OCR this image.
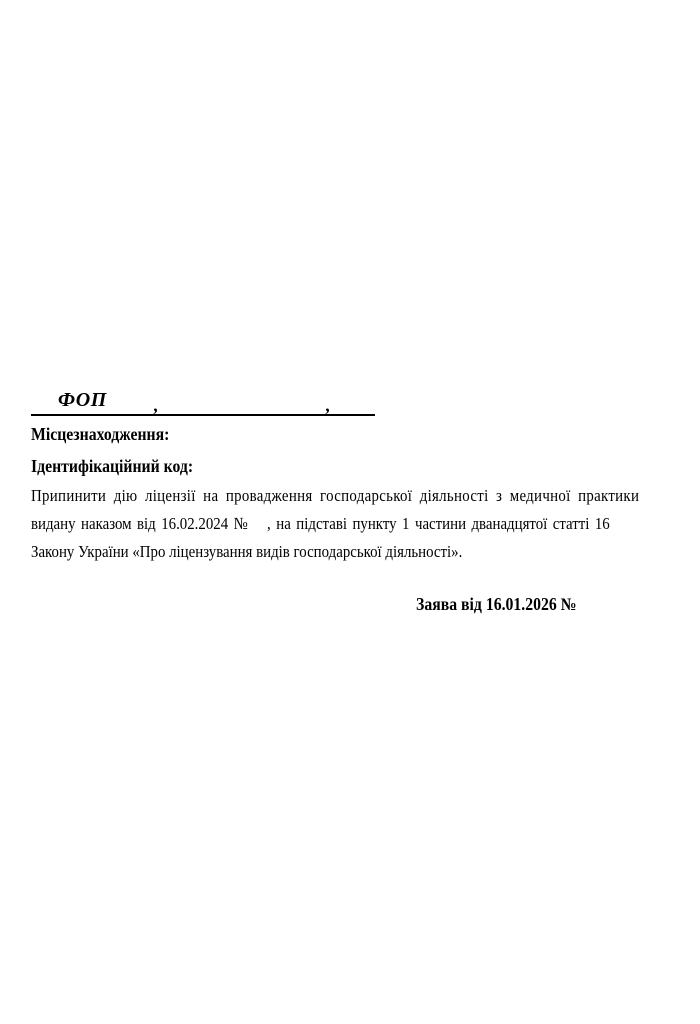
ФОП	,	,
Місцезнаходження:
Ідентифікаційний код:
Припинити дію ліцензії на провадження господарської діяльності з медичної практики
видану наказом від 16.02.2024 № , на підставі пункту 1 частини дванадцятої статті 16
Закону України «Про ліцензування видів господарської діяльності».
Заява від 16.01.2026 №
